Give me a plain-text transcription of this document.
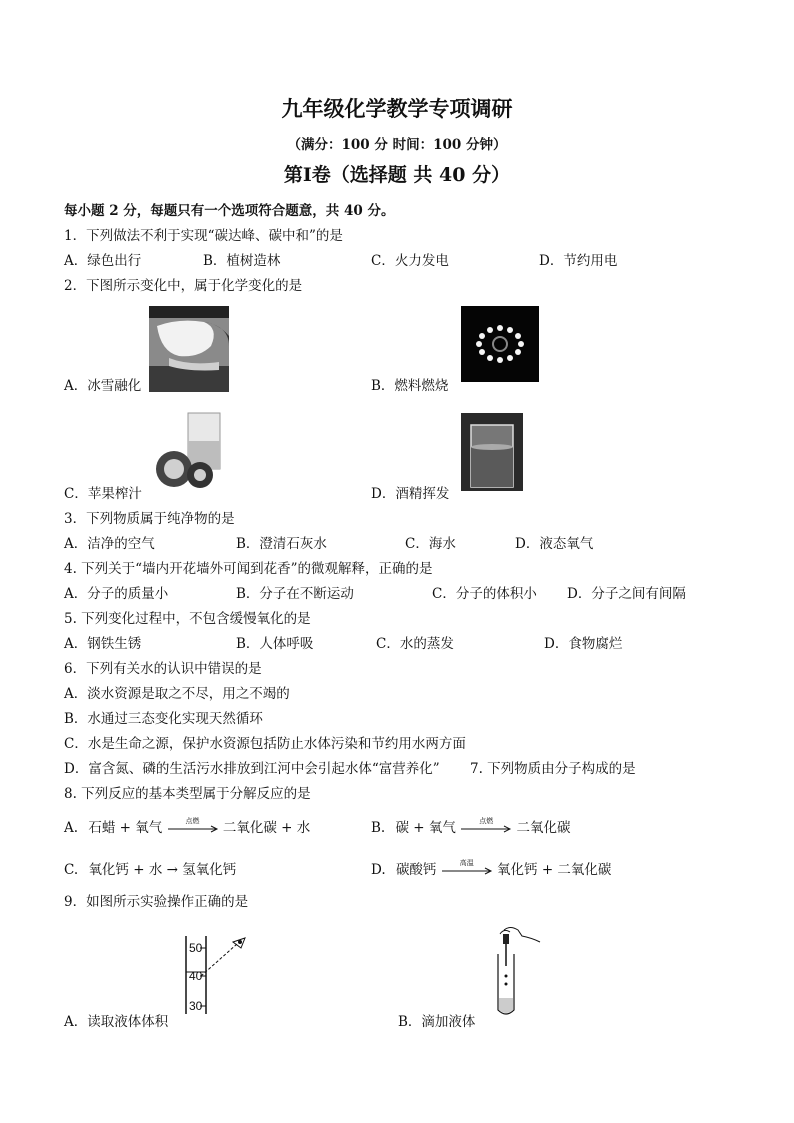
九年级化学教学专项调研
（满分：100 分 时间：100 分钟）
第Ⅰ卷（选择题 共 40 分）
每小题 2 分，每题只有一个选项符合题意，共 40 分。
1．下列做法不利于实现“碳达峰、碳中和”的是
A．绿色出行	B．植树造林	C．火力发电	D．节约用电
2．下图所示变化中，属于化学变化的是
A．冰雪融化	B．燃料燃烧
C．苹果榨汁	D．酒精挥发
3．下列物质属于纯净物的是
A．洁净的空气	B．澄清石灰水	C．海水	D．液态氧气
4. 下列关于“墙内开花墙外可闻到花香”的微观解释，正确的是
A．分子的质量小	B．分子在不断运动	C．分子的体积小 D．分子之间有间隔
5. 下列变化过程中，不包含缓慢氧化的是
A．钢铁生锈	B．人体呼吸	C．水的蒸发	D．食物腐烂
6．下列有关水的认识中错误的是
A．淡水资源是取之不尽，用之不竭的
B．水通过三态变化实现天然循环
C．水是生命之源，保护水资源包括防止水体污染和节约用水两方面
D．富含氮、磷的生活污水排放到江河中会引起水体“富营养化” 7. 下列物质由分子构成的是
8. 下列反应的基本类型属于分解反应的是
A. 石蜡 + 氧气	点燃	二氧化碳 + 水	B. 碳 + 氧气	点燃	二氧化碳
C. 氧化钙 + 水 → 氢氧化钙	D. 碳酸钙	高温	氧化钙 + 二氧化碳
9．如图所示实验操作正确的是
50
40
30
A．读取液体体积	B．滴加液体
